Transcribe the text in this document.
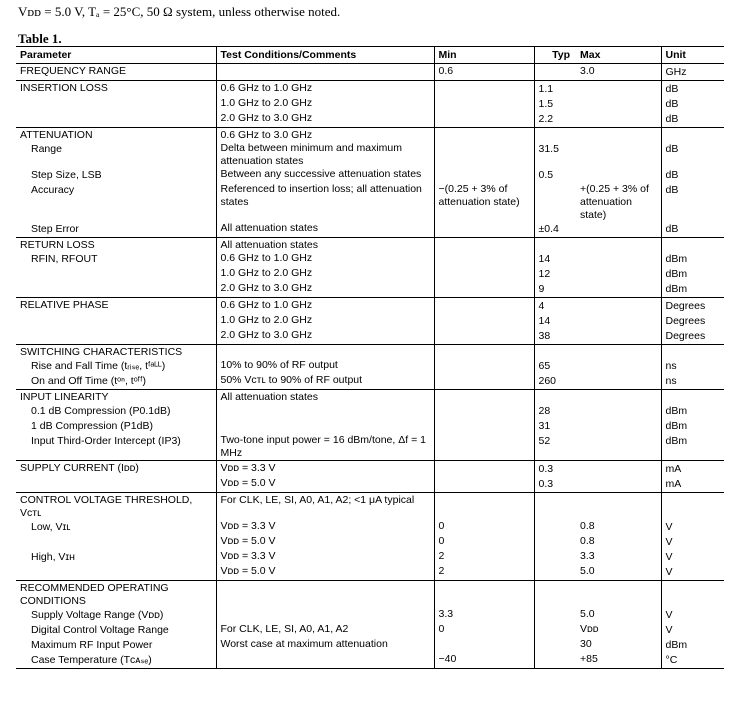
Vᴅᴅ = 5.0 V, Tₐ = 25°C, 50 Ω system, unless otherwise noted.
Table 1.
Parameter	Test Conditions/Comments	Min	Typ	Max	Unit
FREQUENCY RANGE		0.6		3.0	GHz
INSERTION LOSS	0.6 GHz to 1.0 GHz		1.1		dB
	1.0 GHz to 2.0 GHz		1.5		dB
	2.0 GHz to 3.0 GHz		2.2		dB
ATTENUATION	0.6 GHz to 3.0 GHz				
Range	Delta between minimum and maximum attenuation states		31.5		dB
Step Size, LSB	Between any successive attenuation states		0.5		dB
Accuracy	Referenced to insertion loss; all attenuation states	−(0.25 + 3% of attenuation state)		+(0.25 + 3% of attenuation state)	dB
Step Error	All attenuation states		±0.4		dB
RETURN LOSS	All attenuation states				
RFIN, RFOUT	0.6 GHz to 1.0 GHz		14		dBm
	1.0 GHz to 2.0 GHz		12		dBm
	2.0 GHz to 3.0 GHz		9		dBm
RELATIVE PHASE	0.6 GHz to 1.0 GHz		4		Degrees
	1.0 GHz to 2.0 GHz		14		Degrees
	2.0 GHz to 3.0 GHz		38		Degrees
SWITCHING CHARACTERISTICS					
Rise and Fall Time (tᵣᵢₛₑ, tᶠᵃᴸᴸ)	10% to 90% of RF output		65		ns
On and Off Time (tᵒⁿ, tᵒᶠᶠ)	50% Vᴄᴛʟ to 90% of RF output		260		ns
INPUT LINEARITY	All attenuation states				
0.1 dB Compression (P0.1dB)			28		dBm
1 dB Compression (P1dB)			31		dBm
Input Third-Order Intercept (IP3)	Two-tone input power = 16 dBm/tone, Δf = 1 MHz		52		dBm
SUPPLY CURRENT (Iᴅᴅ)	Vᴅᴅ = 3.3 V		0.3		mA
	Vᴅᴅ = 5.0 V		0.3		mA
CONTROL VOLTAGE THRESHOLD, Vᴄᴛʟ	For CLK, LE, SI, A0, A1, A2; <1 μA typical				
Low, Vɪʟ	Vᴅᴅ = 3.3 V	0		0.8	V
	Vᴅᴅ = 5.0 V	0		0.8	V
High, Vɪʜ	Vᴅᴅ = 3.3 V	2		3.3	V
	Vᴅᴅ = 5.0 V	2		5.0	V
RECOMMENDED OPERATING CONDITIONS					
Supply Voltage Range (Vᴅᴅ)		3.3		5.0	V
Digital Control Voltage Range	For CLK, LE, SI, A0, A1, A2	0		Vᴅᴅ	V
Maximum RF Input Power	Worst case at maximum attenuation			30	dBm
Case Temperature (Tᴄᴀₛₑ)		−40		+85	°C
